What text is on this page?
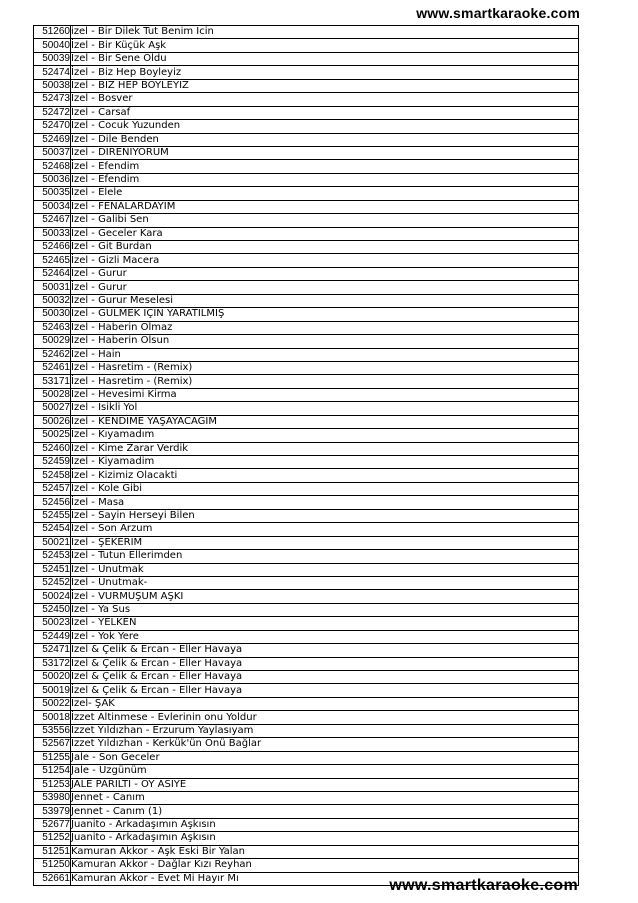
www.smartkaraoke.com
51260	izel - Bir Dilek Tut Benim İcin
50040	İzel - Bir Küçük Aşk
50039	İzel - Bir Sene Oldu
52474	İzel - Biz Hep Boyleyiz
50038	İzel - BİZ HEP BÖYLEYİZ
52473	İzel - Bosver
52472	İzel - Carsaf
52470	İzel - Cocuk Yuzunden
52469	İzel - Dile Benden
50037	İzel - DİRENİYORUM
52468	İzel - Efendim
50036	İzel - Efendim
50035	İzel - Elele
50034	İzel - FENALARDAYIM
52467	İzel - Galibi Sen
50033	İzel - Geceler Kara
52466	İzel - Git Burdan
52465	İzel - Gizli Macera
52464	İzel - Gurur
50031	İzel - Gurur
50032	İzel - Gurur Meselesi
50030	İzel - GÜLMEK İÇİN YARATILMIŞ
52463	İzel - Haberin Olmaz
50029	İzel - Haberin Olsun
52462	İzel - Hain
52461	İzel - Hasretim - (Remix)
53171	İzel - Hasretim - (Remix)
50028	İzel - Hevesimi Kirma
50027	İzel - Isikli Yol
50026	İzel - KENDİME YAŞAYACAĞIM
50025	İzel - Kıyamadım
52460	İzel - Kime Zarar Verdik
52459	İzel - Kiyamadim
52458	İzel - Kizimiz Olacakti
52457	İzel - Kole Gibi
52456	İzel - Masa
52455	İzel - Sayin Herseyi Bilen
52454	İzel - Son Arzum
50021	İzel - ŞEKERİM
52453	İzel - Tutun Ellerimden
52451	İzel - Unutmak
52452	İzel - Unutmak-
50024	İzel - VURMUŞUM AŞKI
52450	İzel - Ya Sus
50023	İzel - YELKEN
52449	İzel - Yok Yere
52471	İzel & Çelik & Ercan - Eller Havaya
53172	İzel & Çelik & Ercan - Eller Havaya
50020	İzel & Çelik & Ercan - Eller Havaya
50019	İzel & Çelik & Ercan - Eller Havaya
50022	İzel- ŞAK
50018	İzzet Altinmese - Evlerinin onu Yoldur
53556	İzzet Yıldızhan - Erzurum Yaylasıyam
52567	İzzet Yıldızhan - Kerkük'ün Önü Bağlar
51255	Jale - Son Geceler
51254	Jale - Üzgünüm
51253	JALE PARILTI - OY ASİYE
53980	Jennet - Canım
53979	Jennet - Canım (1)
52677	Juanito - Arkadaşımın Aşkısın
51252	Juanito - Arkadaşımın Aşkısın
51251	Kamuran Akkor - Aşk Eski Bir Yalan
51250	Kamuran Akkor - Dağlar Kızı Reyhan
52661	Kamuran Akkor - Evet Mi Hayır Mı	www.smartkaraoke.com
